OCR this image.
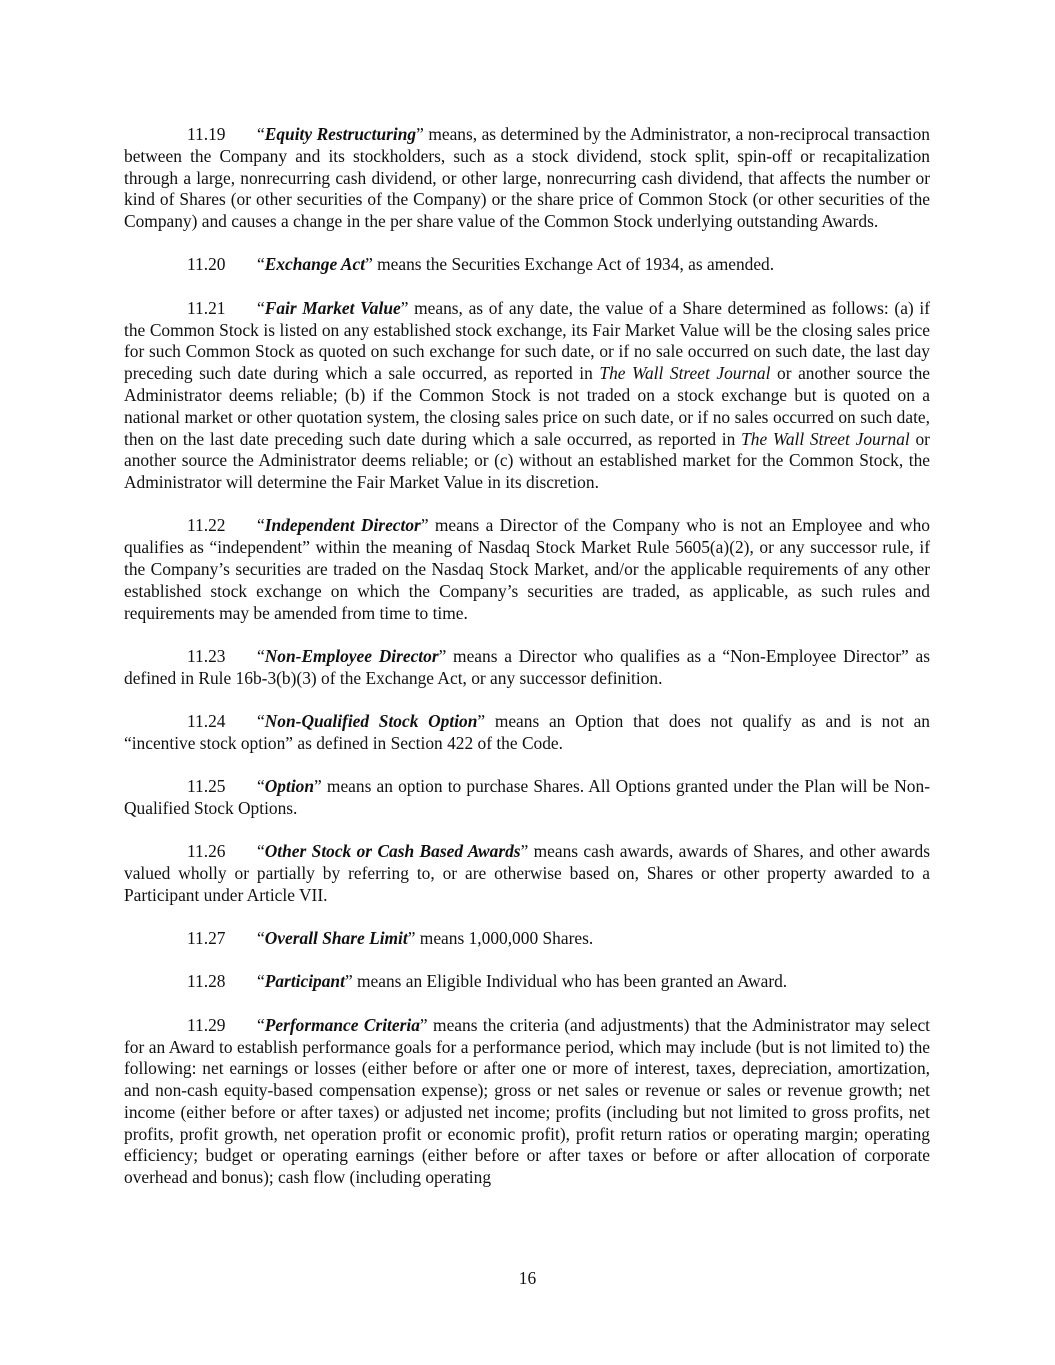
11.19 “Equity Restructuring” means, as determined by the Administrator, a non-reciprocal transaction between the Company and its stockholders, such as a stock dividend, stock split, spin-off or recapitalization through a large, nonrecurring cash dividend, or other large, nonrecurring cash dividend, that affects the number or kind of Shares (or other securities of the Company) or the share price of Common Stock (or other securities of the Company) and causes a change in the per share value of the Common Stock underlying outstanding Awards.

11.20 “Exchange Act” means the Securities Exchange Act of 1934, as amended.

11.21 “Fair Market Value” means, as of any date, the value of a Share determined as follows: (a) if the Common Stock is listed on any established stock exchange, its Fair Market Value will be the closing sales price for such Common Stock as quoted on such exchange for such date, or if no sale occurred on such date, the last day preceding such date during which a sale occurred, as reported in The Wall Street Journal or another source the Administrator deems reliable; (b) if the Common Stock is not traded on a stock exchange but is quoted on a national market or other quotation system, the closing sales price on such date, or if no sales occurred on such date, then on the last date preceding such date during which a sale occurred, as reported in The Wall Street Journal or another source the Administrator deems reliable; or (c) without an established market for the Common Stock, the Administrator will determine the Fair Market Value in its discretion.

11.22 “Independent Director” means a Director of the Company who is not an Employee and who qualifies as “independent” within the meaning of Nasdaq Stock Market Rule 5605(a)(2), or any successor rule, if the Company’s securities are traded on the Nasdaq Stock Market, and/or the applicable requirements of any other established stock exchange on which the Company’s securities are traded, as applicable, as such rules and requirements may be amended from time to time.

11.23 “Non-Employee Director” means a Director who qualifies as a “Non-Employee Director” as defined in Rule 16b-3(b)(3) of the Exchange Act, or any successor definition.

11.24 “Non-Qualified Stock Option” means an Option that does not qualify as and is not an “incentive stock option” as defined in Section 422 of the Code.

11.25 “Option” means an option to purchase Shares. All Options granted under the Plan will be Non-Qualified Stock Options.

11.26 “Other Stock or Cash Based Awards” means cash awards, awards of Shares, and other awards valued wholly or partially by referring to, or are otherwise based on, Shares or other property awarded to a Participant under Article VII.

11.27 “Overall Share Limit” means 1,000,000 Shares.

11.28 “Participant” means an Eligible Individual who has been granted an Award.

11.29 “Performance Criteria” means the criteria (and adjustments) that the Administrator may select for an Award to establish performance goals for a performance period, which may include (but is not limited to) the following: net earnings or losses (either before or after one or more of interest, taxes, depreciation, amortization, and non-cash equity-based compensation expense); gross or net sales or revenue or sales or revenue growth; net income (either before or after taxes) or adjusted net income; profits (including but not limited to gross profits, net profits, profit growth, net operation profit or economic profit), profit return ratios or operating margin; operating efficiency; budget or operating earnings (either before or after taxes or before or after allocation of corporate overhead and bonus); cash flow (including operating

16
